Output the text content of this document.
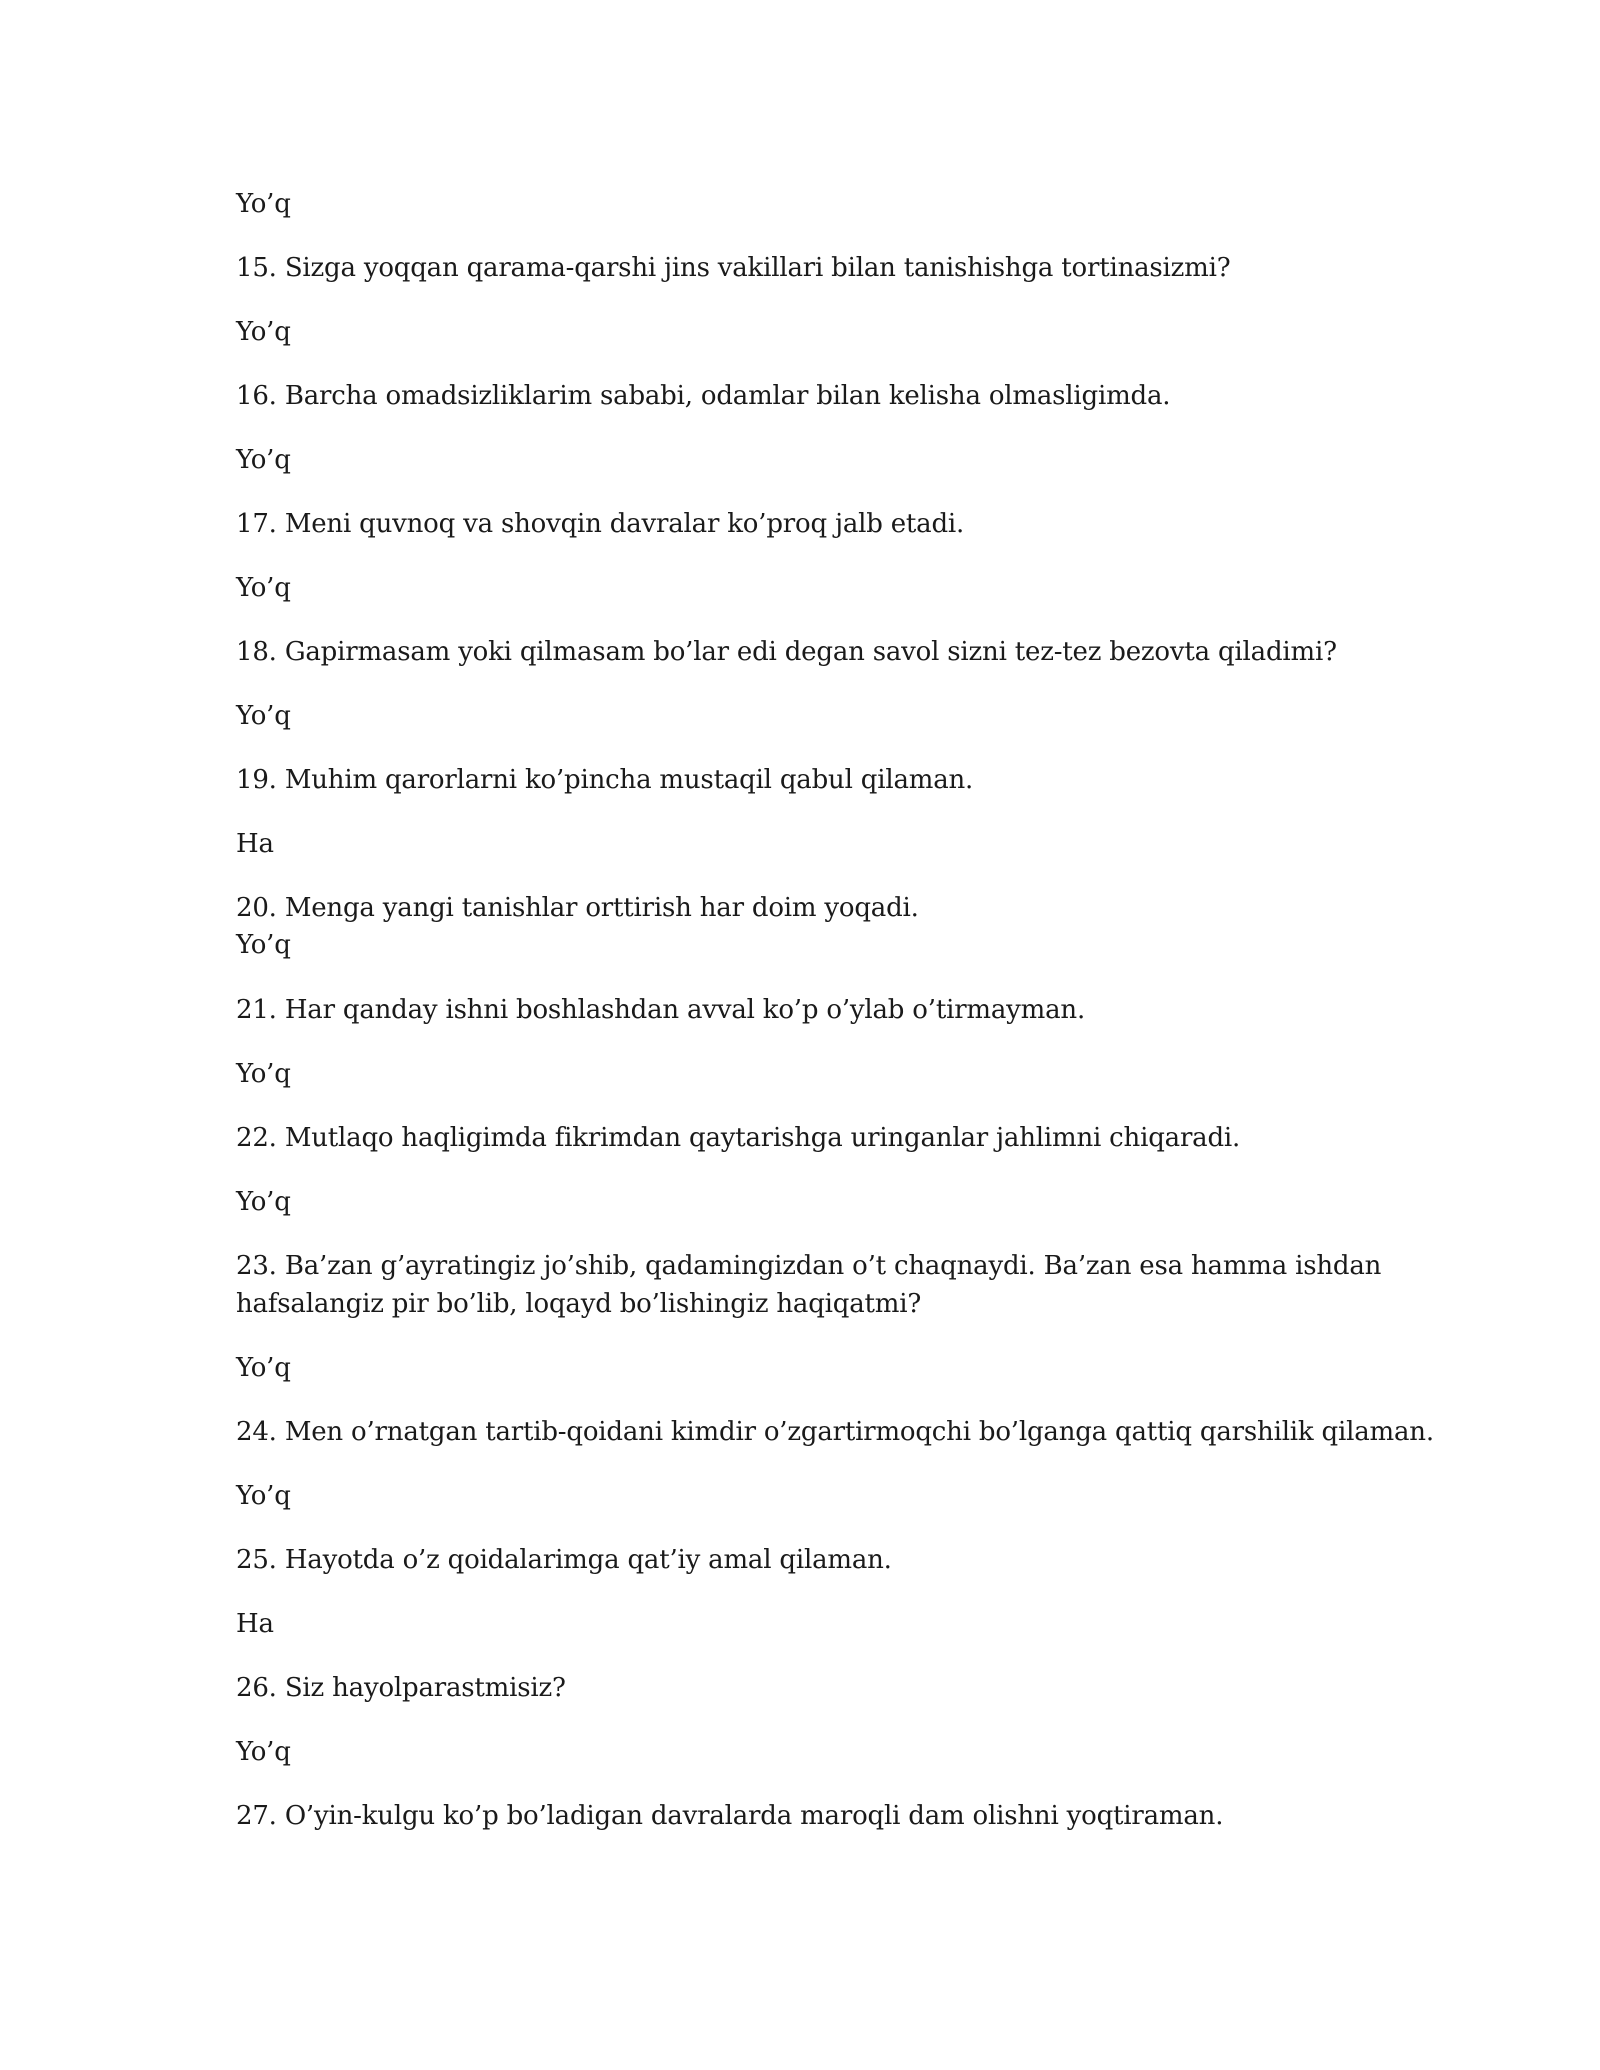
Yo’q
15. Sizga yoqqan qarama-qarshi jins vakillari bilan tanishishga tortinasizmi?
Yo’q
16. Barcha omadsizliklarim sababi, odamlar bilan kelisha olmasligimda.
Yo’q
17. Meni quvnoq va shovqin davralar ko’proq jalb etadi.
Yo’q
18. Gapirmasam yoki qilmasam bo’lar edi degan savol sizni tez-tez bezovta qiladimi?
Yo’q
19. Muhim qarorlarni ko’pincha mustaqil qabul qilaman.
Ha
20. Menga yangi tanishlar orttirish har doim yoqadi.
Yo’q
21. Har qanday ishni boshlashdan avval ko’p o’ylab o’tirmayman.
Yo’q
22. Mutlaqo haqligimda fikrimdan qaytarishga uringanlar jahlimni chiqaradi.
Yo’q
23. Ba’zan g’ayratingiz jo’shib, qadamingizdan o’t chaqnaydi. Ba’zan esa hamma ishdan
hafsalangiz pir bo’lib, loqayd bo’lishingiz haqiqatmi?
Yo’q
24. Men o’rnatgan tartib-qoidani kimdir o’zgartirmoqchi bo’lganga qattiq qarshilik qilaman.
Yo’q
25. Hayotda o’z qoidalarimga qat’iy amal qilaman.
Ha
26. Siz hayolparastmisiz?
Yo’q
27. O’yin-kulgu ko’p bo’ladigan davralarda maroqli dam olishni yoqtiraman.
